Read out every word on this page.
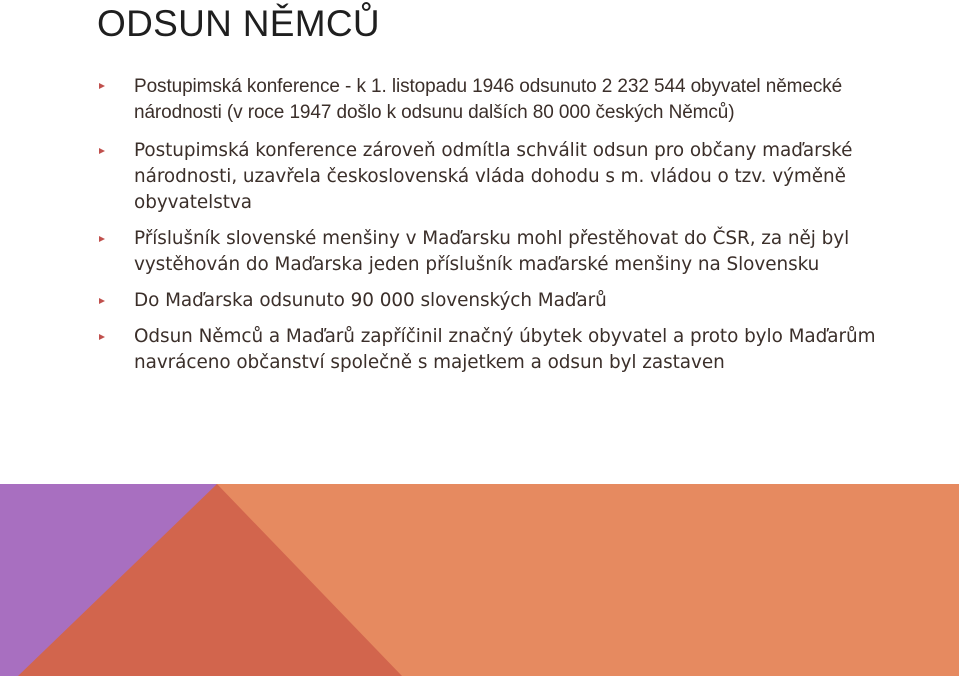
ODSUN NĚMCŮ
Postupimská konference - k 1. listopadu 1946 odsunuto 2 232 544 obyvatel německé národnosti (v roce 1947 došlo k odsunu dalších 80 000 českých Němců)
Postupimská konference zároveň odmítla schválit odsun pro občany maďarské národnosti, uzavřela československá vláda dohodu s m. vládou o tzv. výměně obyvatelstva
Příslušník slovenské menšiny v Maďarsku mohl přestěhovat do ČSR, za něj byl vystěhován do Maďarska jeden příslušník maďarské menšiny na Slovensku
Do Maďarska odsunuto 90 000 slovenských Maďarů
Odsun Němců a Maďarů zapříčinil značný úbytek obyvatel a proto bylo Maďarům navráceno občanství společně s majetkem a odsun byl zastaven
